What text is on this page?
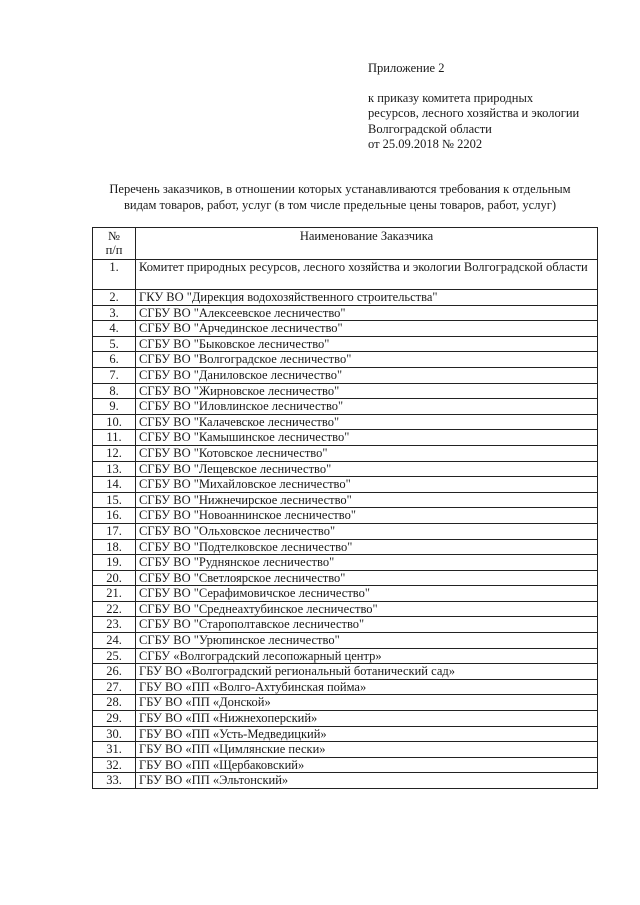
Приложение 2
к приказу комитета природных
ресурсов, лесного хозяйства и экологии
Волгоградской области
от 25.09.2018 № 2202
Перечень заказчиков, в отношении которых устанавливаются требования к отдельным
видам товаров, работ, услуг (в том числе предельные цены товаров, работ, услуг)
№
п/п	Наименование Заказчика
1.	Комитет природных ресурсов, лесного хозяйства и экологии Волгоградской области
2.	ГКУ ВО "Дирекция водохозяйственного строительства"
3.	СГБУ ВО "Алексеевское лесничество"
4.	СГБУ ВО "Арчединское лесничество"
5.	СГБУ ВО "Быковское лесничество"
6.	СГБУ ВО "Волгоградское лесничество"
7.	СГБУ ВО "Даниловское лесничество"
8.	СГБУ ВО "Жирновское лесничество"
9.	СГБУ ВО "Иловлинское лесничество"
10.	СГБУ ВО "Калачевское лесничество"
11.	СГБУ ВО "Камышинское лесничество"
12.	СГБУ ВО "Котовское лесничество"
13.	СГБУ ВО "Лещевское лесничество"
14.	СГБУ ВО "Михайловское лесничество"
15.	СГБУ ВО "Нижнечирское лесничество"
16.	СГБУ ВО "Новоаннинское лесничество"
17.	СГБУ ВО "Ольховское лесничество"
18.	СГБУ ВО "Подтелковское лесничество"
19.	СГБУ ВО "Руднянское лесничество"
20.	СГБУ ВО "Светлоярское лесничество"
21.	СГБУ ВО "Серафимовичское лесничество"
22.	СГБУ ВО "Среднеахтубинское лесничество"
23.	СГБУ ВО "Старополтавское лесничество"
24.	СГБУ ВО "Урюпинское лесничество"
25.	СГБУ «Волгоградский лесопожарный центр»
26.	ГБУ ВО «Волгоградский региональный ботанический сад»
27.	ГБУ ВО «ПП «Волго-Ахтубинская пойма»
28.	ГБУ ВО «ПП «Донской»
29.	ГБУ ВО «ПП «Нижнехоперский»
30.	ГБУ ВО «ПП «Усть-Медведицкий»
31.	ГБУ ВО «ПП «Цимлянские пески»
32.	ГБУ ВО «ПП «Щербаковский»
33.	ГБУ ВО «ПП «Эльтонский»
